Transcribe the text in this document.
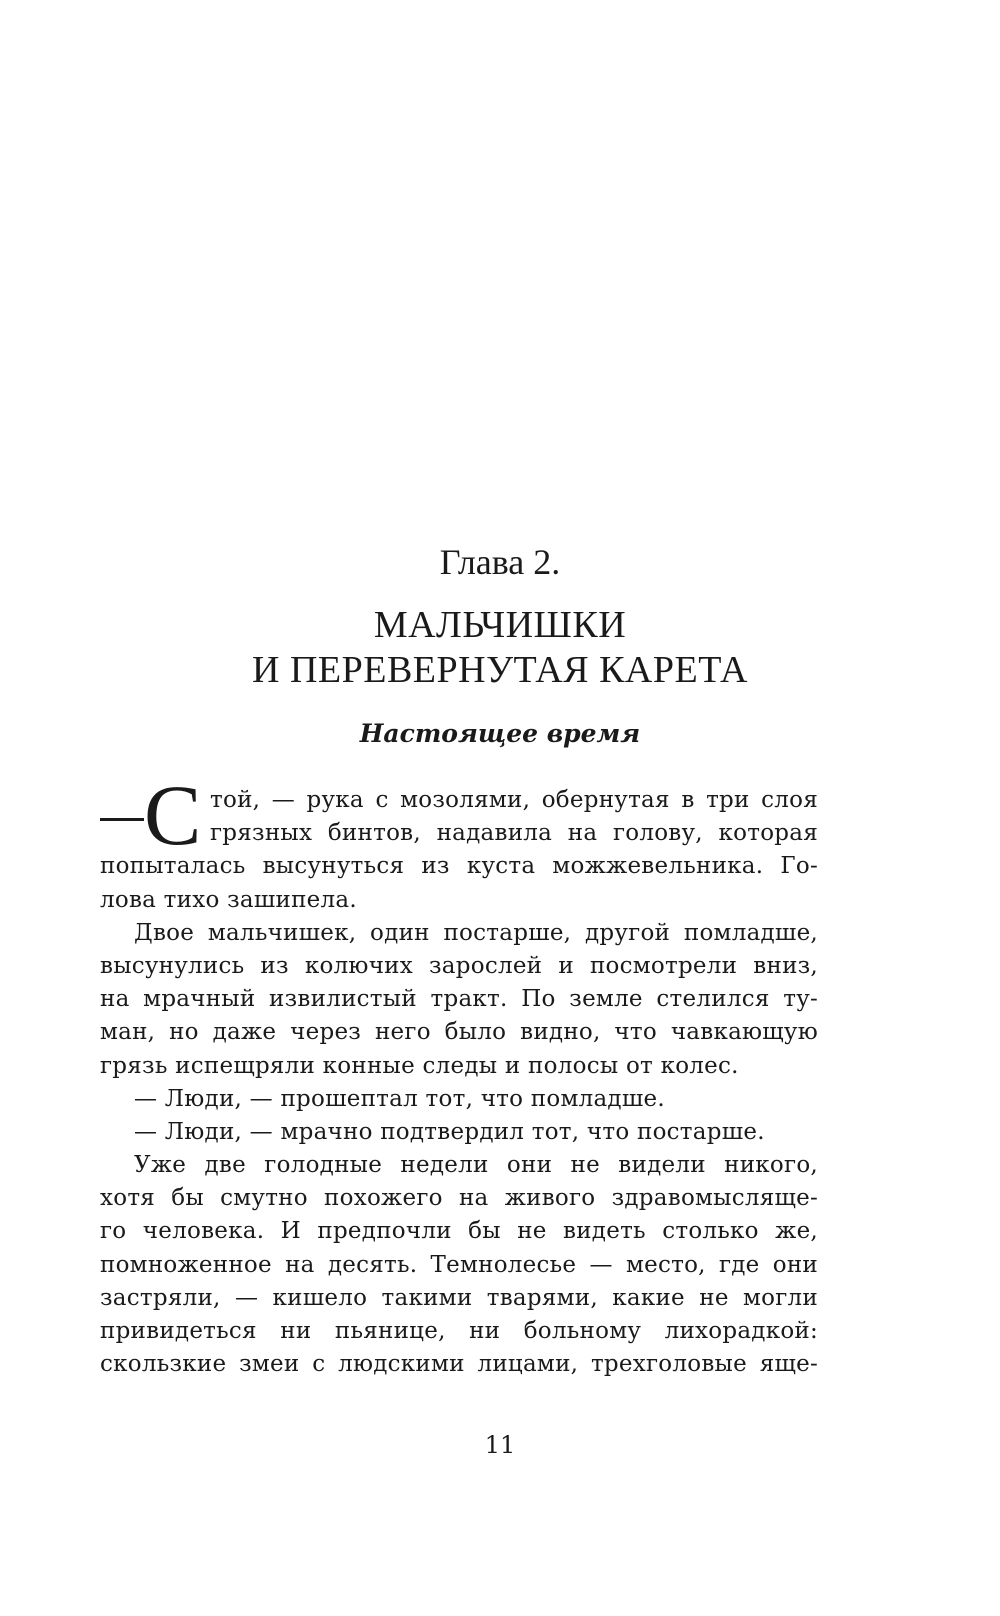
Глава 2.
МАЛЬЧИШКИ
И ПЕРЕВЕРНУТАЯ КАРЕТА
Настоящее время
С той, — рука с мозолями, обернутая в три слоя
грязных бинтов, надавила на голову, которая
попыталась высунуться из куста можжевельника. Го-
лова тихо зашипела.
Двое мальчишек, один постарше, другой помладше,
высунулись из колючих зарослей и посмотрели вниз,
на мрачный извилистый тракт. По земле стелился ту-
ман, но даже через него было видно, что чавкающую
грязь испещряли конные следы и полосы от колес.
— Люди, — прошептал тот, что помладше.
— Люди, — мрачно подтвердил тот, что постарше.
Уже две голодные недели они не видели никого,
хотя бы смутно похожего на живого здравомыслящe-
го человека. И предпочли бы не видеть столько же,
помноженное на десять. Темнолесье — место, где они
застряли, — кишело такими тварями, какие не могли
привидеться ни пьянице, ни больному лихорадкой:
скользкие змеи с людскими лицами, трехголовые яще-
11
